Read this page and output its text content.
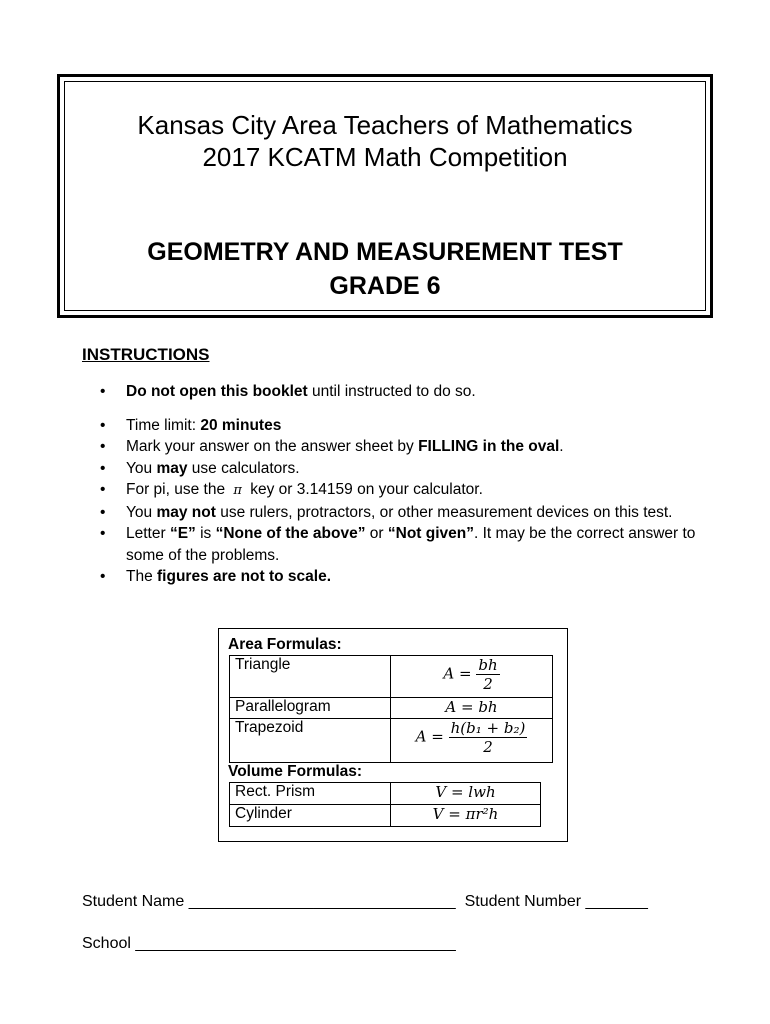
Kansas City Area Teachers of Mathematics
2017 KCATM Math Competition
GEOMETRY AND MEASUREMENT TEST
GRADE 6
INSTRUCTIONS
• Do not open this booklet until instructed to do so.
• Time limit: 20 minutes
• Mark your answer on the answer sheet by FILLING in the oval.
• You may use calculators.
• For pi, use the π key or 3.14159 on your calculator.
• You may not use rulers, protractors, or other measurement devices on this test.
• Letter “E” is “None of the above” or “Not given”. It may be the correct answer to some of the problems.
• The figures are not to scale.
Area Formulas:
Triangle	$A = \frac{bh}{2}$

Parallelogram	A = bh
Trapezoid	$A = \frac{\text{h(b₁ + b₂)}}{2}$
Volume Formulas:
Rect. Prism	V = lwh
Cylinder	V = πr²h
Student Name ______________________________ Student Number _______
School ____________________________________
